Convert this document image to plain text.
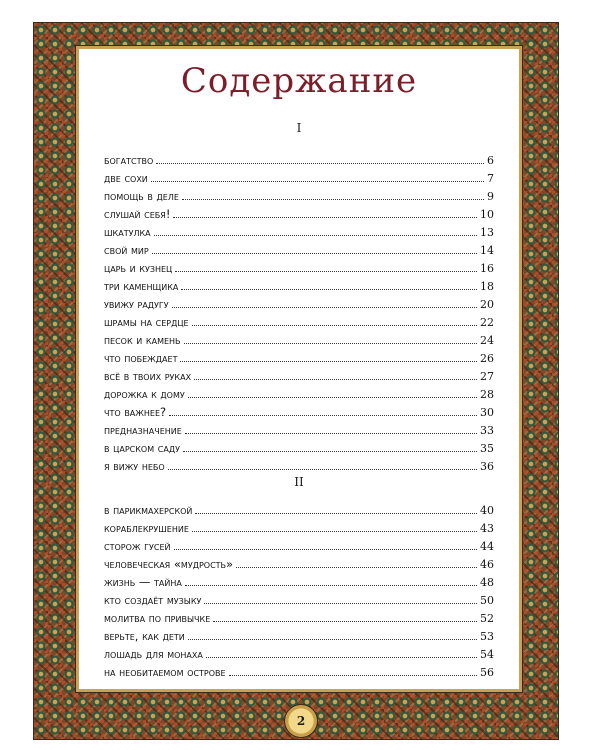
Содержание
I
богатство	6
две сохи	7
помощь в деле	9
слушай себя!	10
шкатулка	13
свой мир	14
царь и кузнец	16
три каменщика	18
увижу радугу	20
шрамы на сердце	22
песок и камень	24
что побеждает	26
всё в твоих руках	27
дорожка к дому	28
что важнее?	30
предназначение	33
в царском саду	35
я вижу небо	36
II
в парикмахерской	40
кораблекрушение	43
сторож гусей	44
человеческая «мудрость»	46
жизнь — тайна	48
кто создаёт музыку	50
молитва по привычке	52
верьте, как дети	53
лошадь для монаха	54
на необитаемом острове	56
2
